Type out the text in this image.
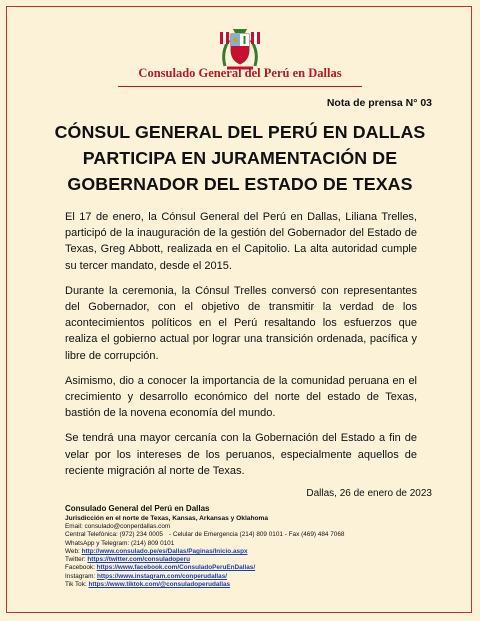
Consulado General del Perú en Dallas
Nota de prensa N° 03
CÓNSUL GENERAL DEL PERÚ EN DALLAS
PARTICIPA EN JURAMENTACIÓN DE
GOBERNADOR DEL ESTADO DE TEXAS

El 17 de enero, la Cónsul General del Perú en Dallas, Liliana Trelles, participó de la inauguración de la gestión del Gobernador del Estado de Texas, Greg Abbott, realizada en el Capitolio. La alta autoridad cumple su tercer mandato, desde el 2015.

Durante la ceremonia, la Cónsul Trelles conversó con representantes del Gobernador, con el objetivo de transmitir la verdad de los acontecimientos políticos en el Perú resaltando los esfuerzos que realiza el gobierno actual por lograr una transición ordenada, pacífica y libre de corrupción.

Asimismo, dio a conocer la importancia de la comunidad peruana en el crecimiento y desarrollo económico del norte del estado de Texas, bastión de la novena economía del mundo.

Se tendrá una mayor cercanía con la Gobernación del Estado a fin de velar por los intereses de los peruanos, especialmente aquellos de reciente migración al norte de Texas.

Dallas, 26 de enero de 2023
Consulado General del Perú en Dallas
Jurisdicción en el norte de Texas, Kansas, Arkansas y Oklahoma
Email: consulado@conperdallas.com
Central Telefónica: (972) 234 0005 - Celular de Emergencia (214) 809 0101 - Fax (469) 484 7068
WhatsApp y Telegram: (214) 809 0101
Web: http://www.consulado.pe/es/Dallas/Paginas/Inicio.aspx
Twitter: https://twitter.com/consuladoperu
Facebook: https://www.facebook.com/ConsuladoPeruEnDallas/
Instagram: https://www.instagram.com/conperudallas/
Tik Tok: https://www.tiktok.com/@consuladoperudallas
